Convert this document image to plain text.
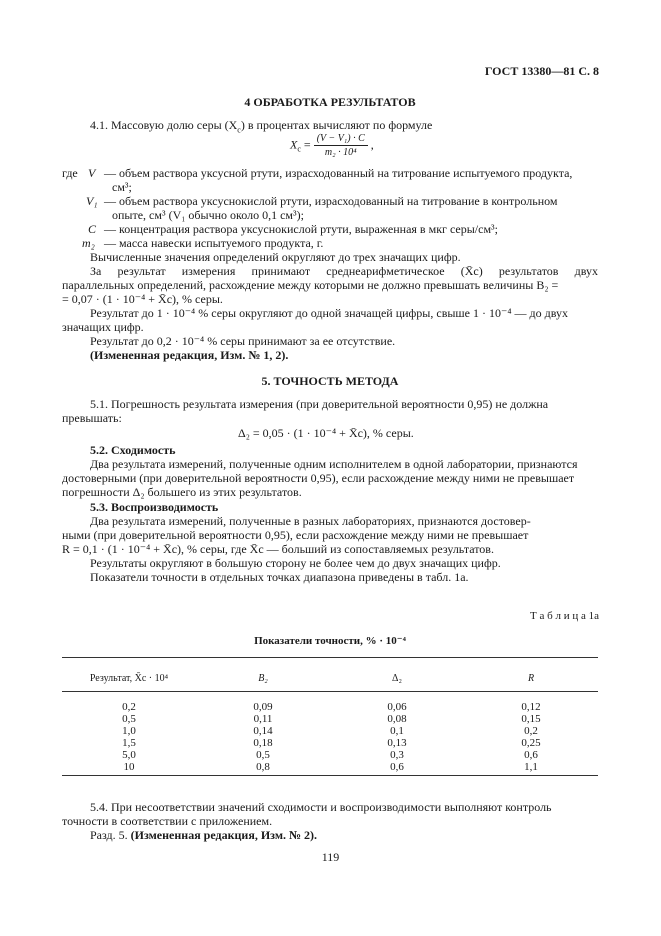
ГОСТ 13380—81 С. 8
4 ОБРАБОТКА РЕЗУЛЬТАТОВ
4.1. Массовую долю серы $(X_c)$ в процентах вычисляют по формуле
$X_c = \frac{\text{(V − V₁) · C}}{\text{m₂ · 10⁴}}$ ,
где V — объем раствора уксусной ртути, израсходованный на титрование испытуемого продукта,
см³;
V₁ — объем раствора уксуснокислой ртути, израсходованный на титрование в контрольном
опыте, см³ (V₁ обычно около 0,1 см³);
C — концентрация раствора уксуснокислой ртути, выраженная в мкг серы/см³;
m₂ — масса навески испытуемого продукта, г.
Вычисленные значения определений округляют до трех значащих цифр.
За результат измерения принимают среднеарифметическое (X̄c) результатов двух
параллельных определений, расхождение между которыми не должно превышать величины B₂ =
= 0,07 · (1 · 10⁻⁴ + X̄c), % серы.
Результат до 1 · 10⁻⁴ % серы округляют до одной значащей цифры, свыше 1 · 10⁻⁴ — до двух
значащих цифр.
Результат до 0,2 · 10⁻⁴ % серы принимают за ее отсутствие.
(Измененная редакция, Изм. № 1, 2).
5. ТОЧНОСТЬ МЕТОДА
5.1. Погрешность результата измерения (при доверительной вероятности 0,95) не должна
превышать:
Δ₂ = 0,05 · (1 · 10⁻⁴ + X̄c), % серы.
5.2. Сходимость
Два результата измерений, полученные одним исполнителем в одной лаборатории, признаются
достоверными (при доверительной вероятности 0,95), если расхождение между ними не превышает
погрешности Δ₂ большего из этих результатов.
5.3. Воспроизводимость
Два результата измерений, полученные в разных лабораториях, признаются достовер-
ными (при доверительной вероятности 0,95), если расхождение между ними не превышает
R = 0,1 · (1 · 10⁻⁴ + X̄c), % серы, где X̄c — больший из сопоставляемых результатов.
Результаты округляют в большую сторону не более чем до двух значащих цифр.
Показатели точности в отдельных точках диапазона приведены в табл. 1а.
Т а б л и ц а 1а
Показатели точности, % · 10⁻⁴
Результат, X̄c · 10⁴	B₂	Δ₂	R
0,2	0,09	0,06	0,12
0,5	0,11	0,08	0,15
1,0	0,14	0,1	0,2
1,5	0,18	0,13	0,25
5,0	0,5	0,3	0,6
10	0,8	0,6	1,1
5.4. При несоответствии значений сходимости и воспроизводимости выполняют контроль
точности в соответствии с приложением.
Разд. 5. (Измененная редакция, Изм. № 2).
119
